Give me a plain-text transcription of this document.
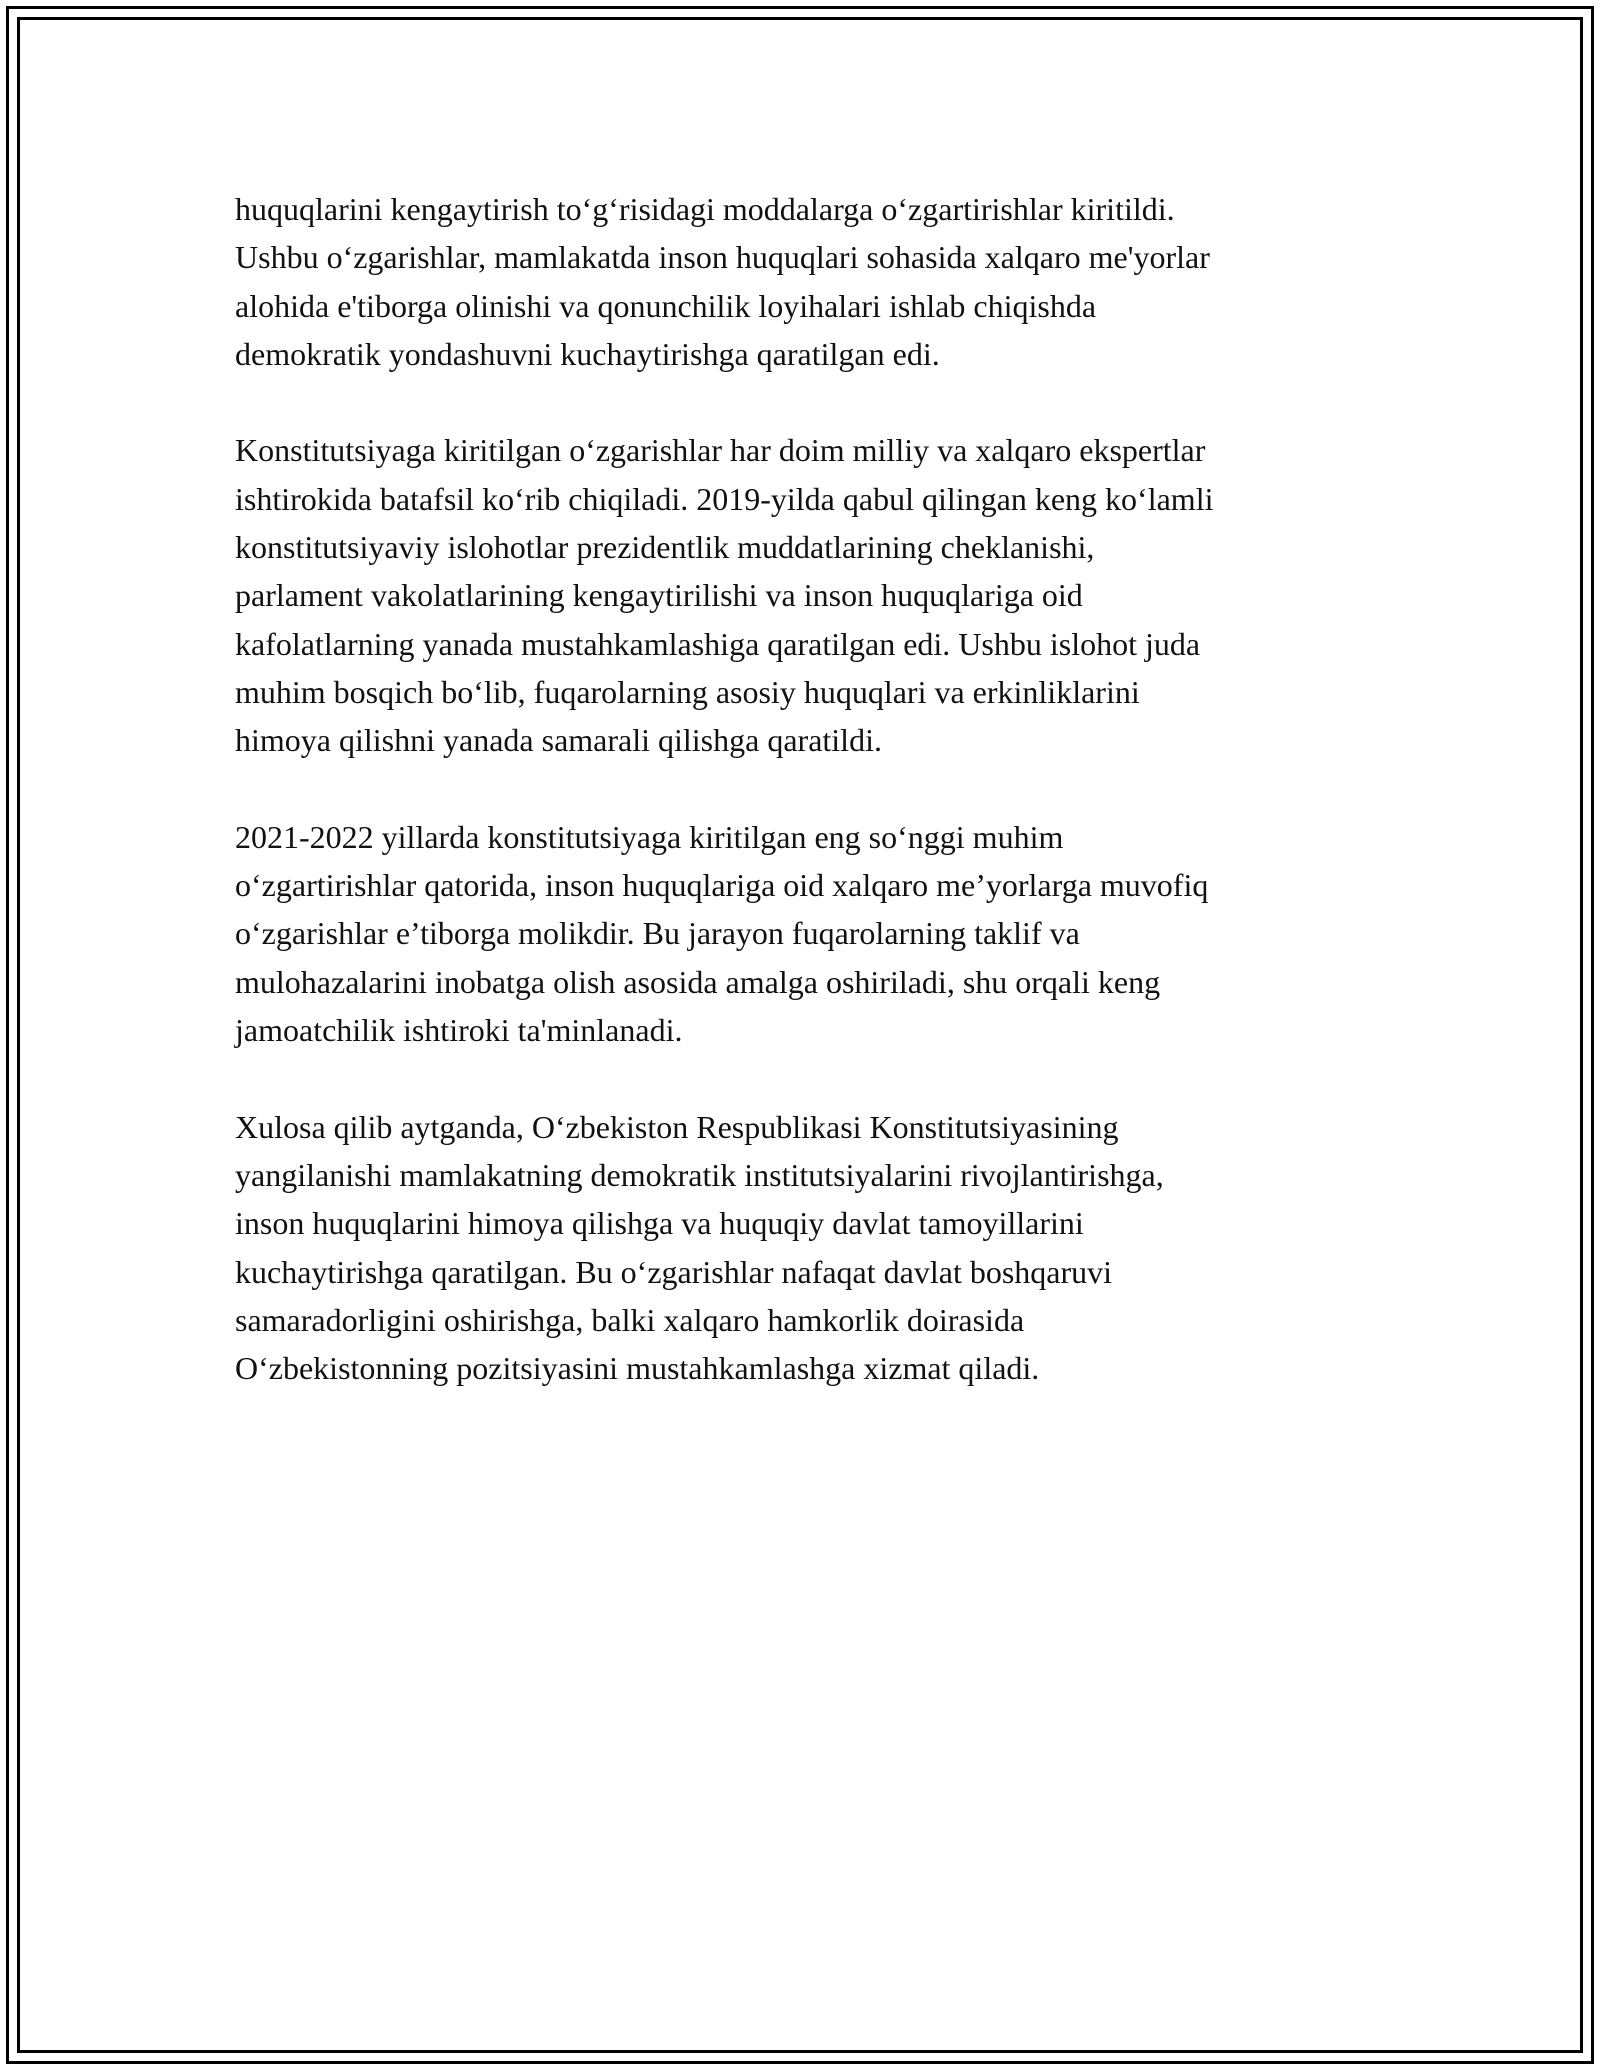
huquqlarini kengaytirish to‘g‘risidagi moddalarga o‘zgartirishlar kiritildi.
Ushbu o‘zgarishlar, mamlakatda inson huquqlari sohasida xalqaro me'yorlar
alohida e'tiborga olinishi va qonunchilik loyihalari ishlab chiqishda
demokratik yondashuvni kuchaytirishga qaratilgan edi.

Konstitutsiyaga kiritilgan o‘zgarishlar har doim milliy va xalqaro ekspertlar
ishtirokida batafsil ko‘rib chiqiladi. 2019-yilda qabul qilingan keng ko‘lamli
konstitutsiyaviy islohotlar prezidentlik muddatlarining cheklanishi,
parlament vakolatlarining kengaytirilishi va inson huquqlariga oid
kafolatlarning yanada mustahkamlashiga qaratilgan edi. Ushbu islohot juda
muhim bosqich bo‘lib, fuqarolarning asosiy huquqlari va erkinliklarini
himoya qilishni yanada samarali qilishga qaratildi.

2021-2022 yillarda konstitutsiyaga kiritilgan eng so‘nggi muhim
o‘zgartirishlar qatorida, inson huquqlariga oid xalqaro me’yorlarga muvofiq
o‘zgarishlar e’tiborga molikdir. Bu jarayon fuqarolarning taklif va
mulohazalarini inobatga olish asosida amalga oshiriladi, shu orqali keng
jamoatchilik ishtiroki ta'minlanadi.

Xulosa qilib aytganda, O‘zbekiston Respublikasi Konstitutsiyasining
yangilanishi mamlakatning demokratik institutsiyalarini rivojlantirishga,
inson huquqlarini himoya qilishga va huquqiy davlat tamoyillarini
kuchaytirishga qaratilgan. Bu o‘zgarishlar nafaqat davlat boshqaruvi
samaradorligini oshirishga, balki xalqaro hamkorlik doirasida
O‘zbekistonning pozitsiyasini mustahkamlashga xizmat qiladi.
